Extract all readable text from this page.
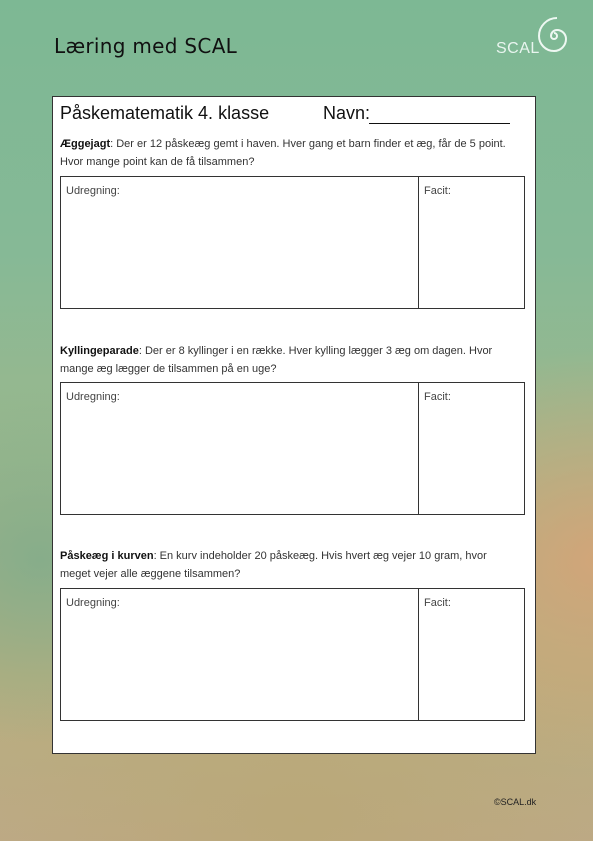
Læring med SCAL	SCAL
Påskematematik 4. klasse	Navn:
Æggejagt: Der er 12 påskeæg gemt i haven. Hver gang et barn finder et æg, får de 5 point. Hvor mange point kan de få tilsammen?
Udregning:	Facit:
Kyllingeparade: Der er 8 kyllinger i en række. Hver kylling lægger 3 æg om dagen. Hvor mange æg lægger de tilsammen på en uge?
Udregning:	Facit:
Påskeæg i kurven: En kurv indeholder 20 påskeæg. Hvis hvert æg vejer 10 gram, hvor meget vejer alle æggene tilsammen?
Udregning:	Facit:
©SCAL.dk
